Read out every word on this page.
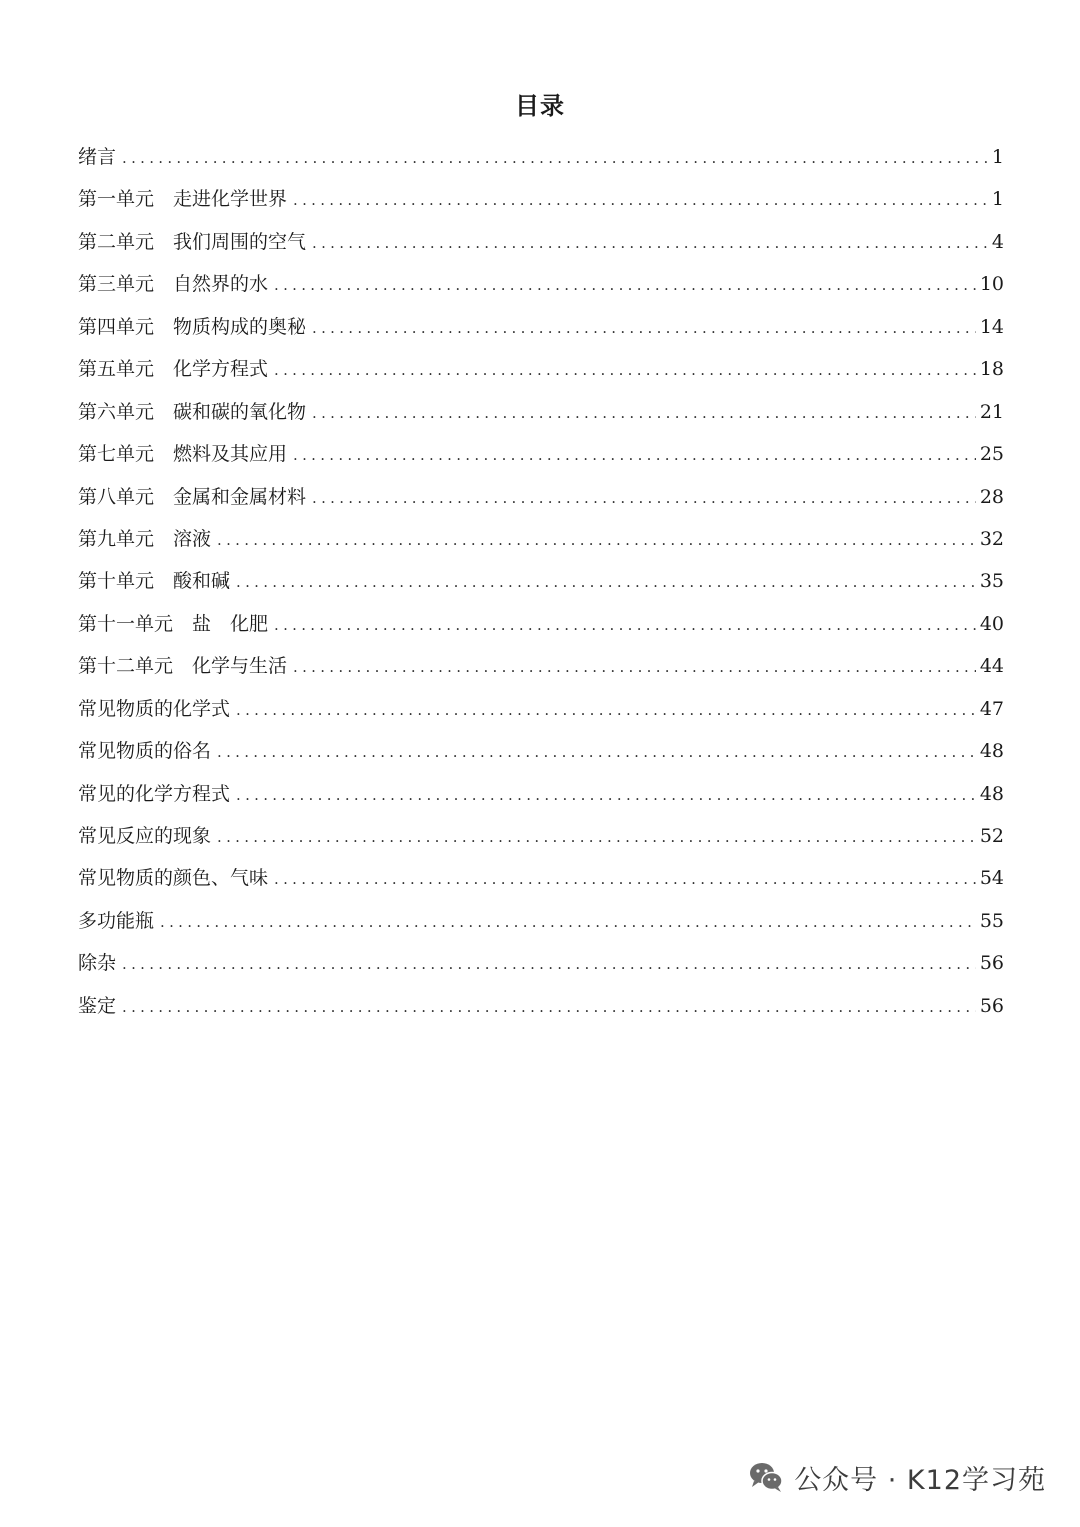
目录
绪言 .....	1
第一单元　走进化学世界 .....	1
第二单元　我们周围的空气 .....	4
第三单元　自然界的水 .....	10
第四单元　物质构成的奥秘 .....	14
第五单元　化学方程式 .....	18
第六单元　碳和碳的氧化物 .....	21
第七单元　燃料及其应用 .....	25
第八单元　金属和金属材料 .....	28
第九单元　溶液 .....	32
第十单元　酸和碱 .....	35
第十一单元　盐　化肥 .....	40
第十二单元　化学与生活 .....	44
常见物质的化学式 .....	47
常见物质的俗名 .....	48
常见的化学方程式 .....	48
常见反应的现象 .....	52
常见物质的颜色、气味 .....	54
多功能瓶 .....	55
除杂 .....	56
鉴定 .....	56
公众号 · K12学习苑
